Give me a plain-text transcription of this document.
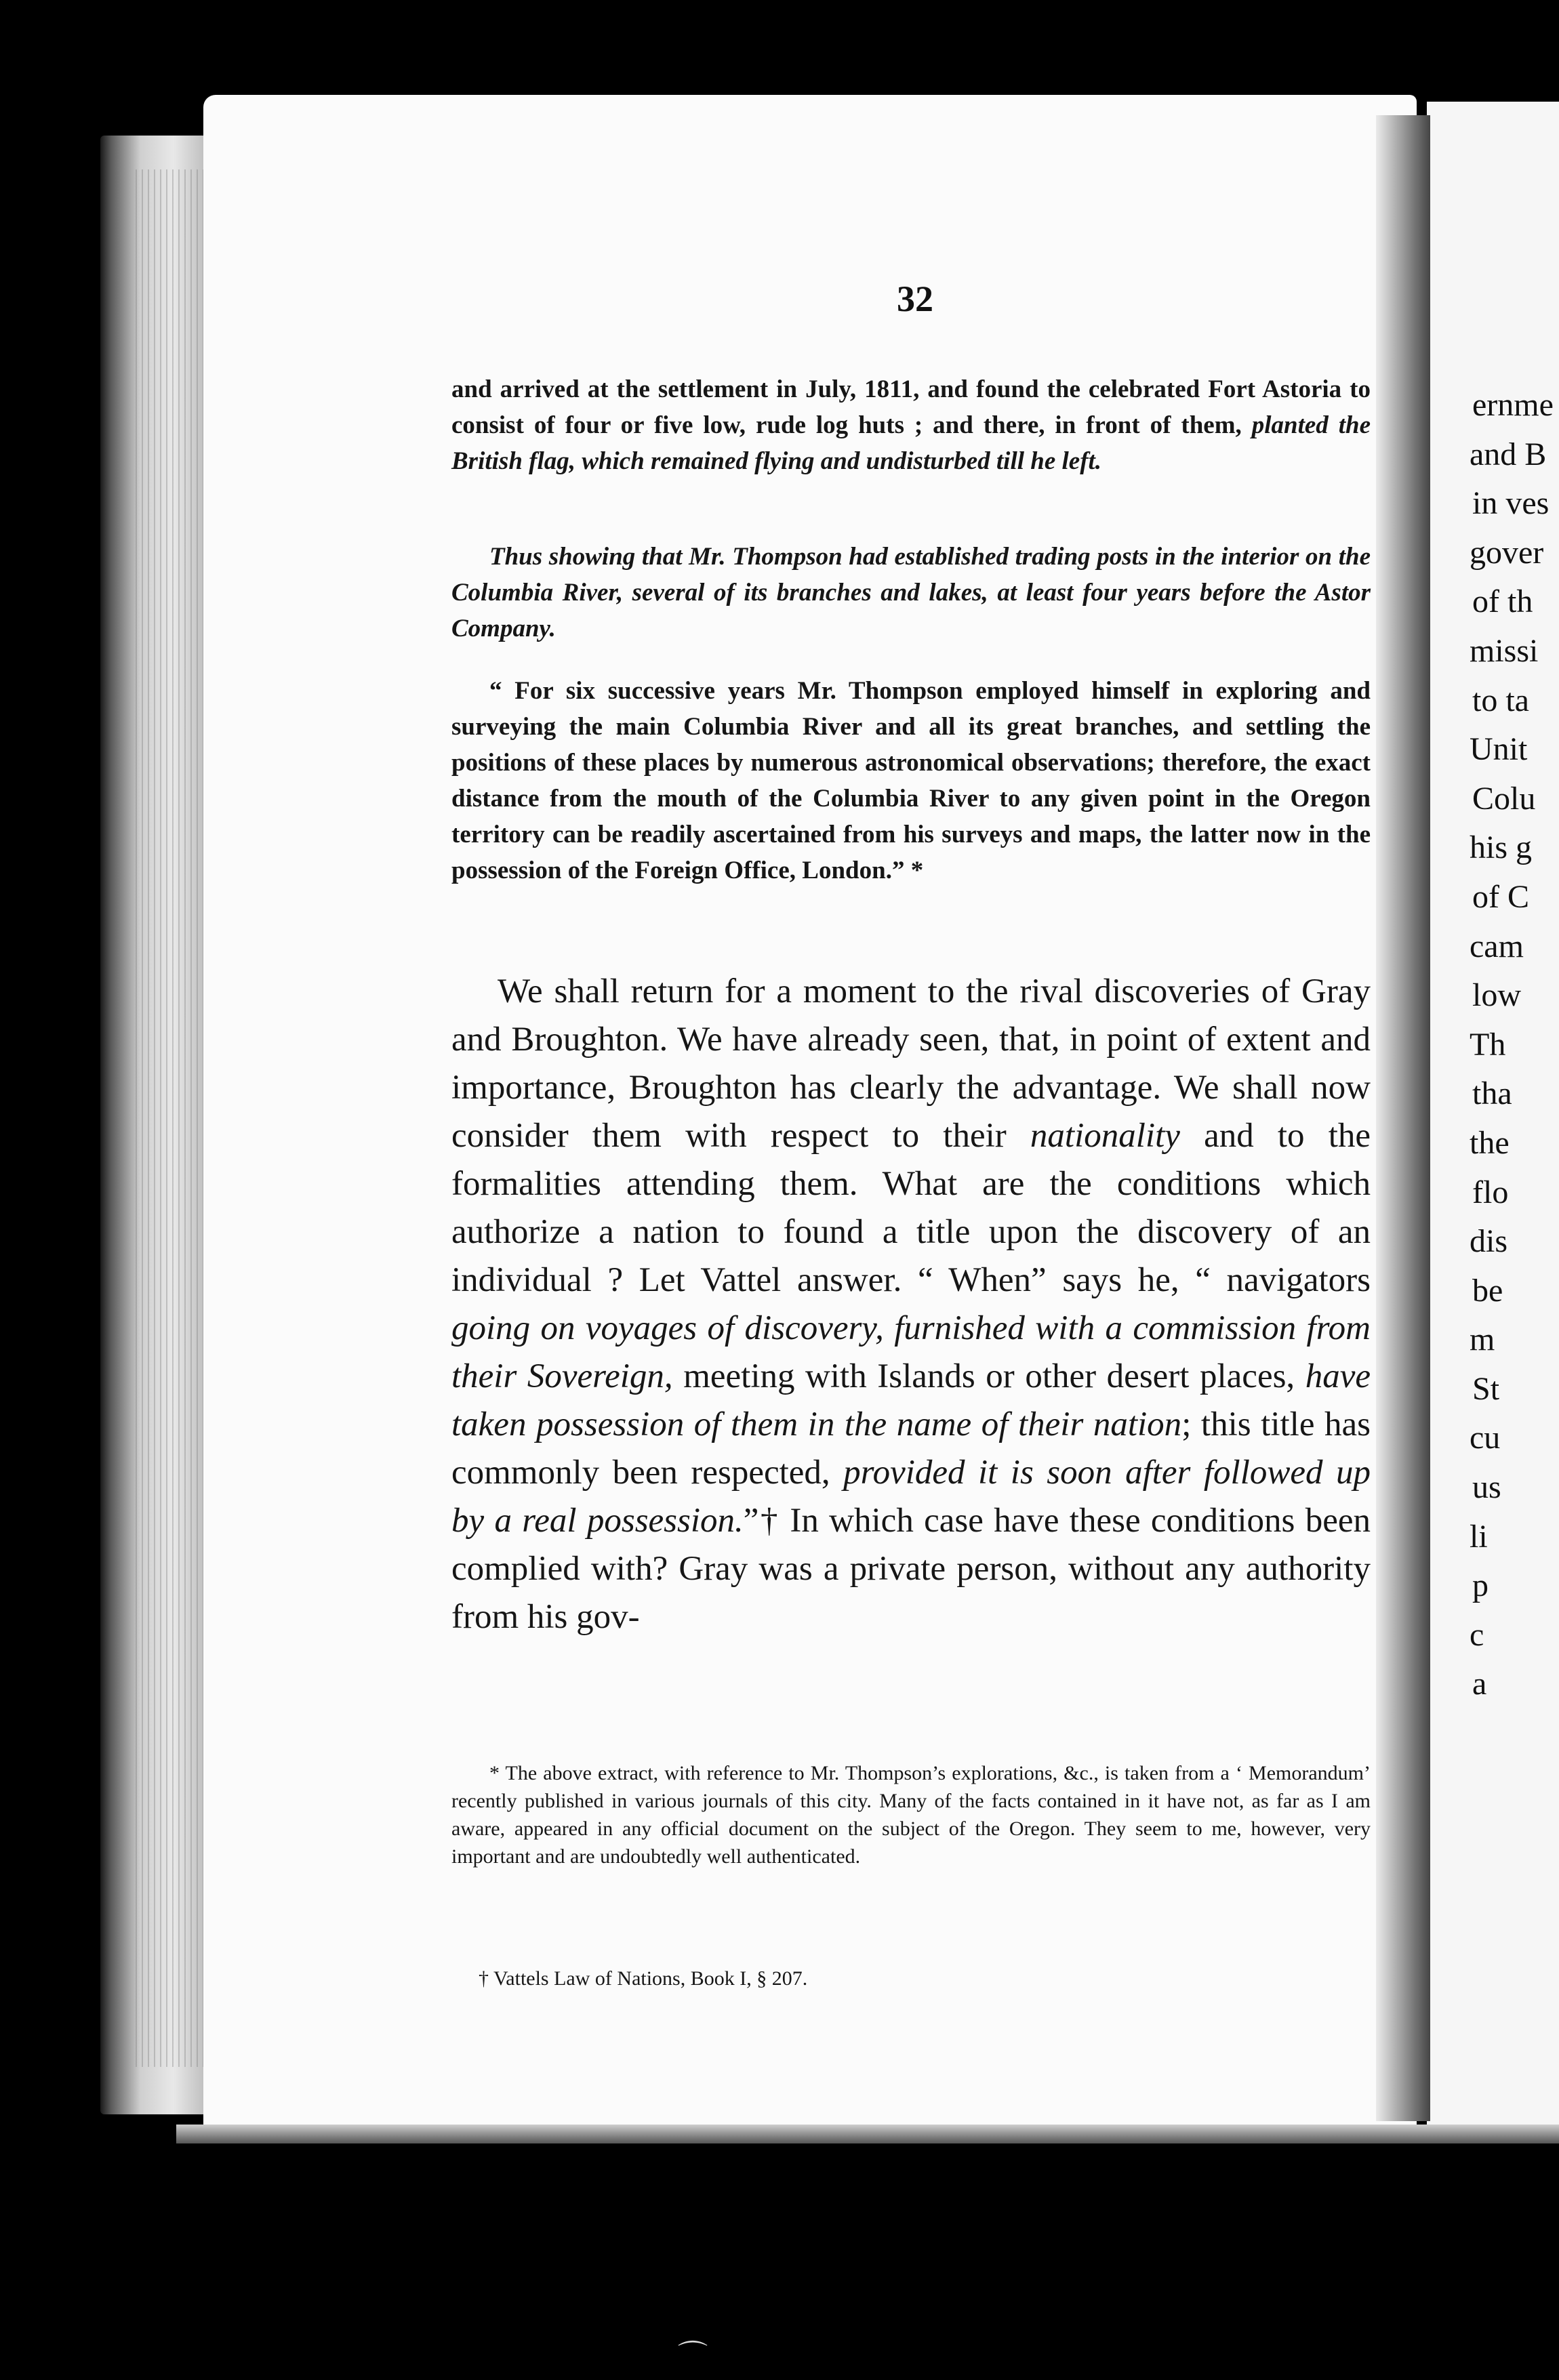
32

and arrived at the settlement in July, 1811, and found the celebrated Fort Astoria to consist of four or five low, rude log huts ; and there, in front of them, planted the British flag, which remained flying and undisturbed till he left.

Thus showing that Mr. Thompson had established trading posts in the interior on the Columbia River, several of its branches and lakes, at least four years before the Astor Company.

“ For six successive years Mr. Thompson employed himself in exploring and surveying the main Columbia River and all its great branches, and settling the positions of these places by numerous astronomical observations; therefore, the exact distance from the mouth of the Columbia River to any given point in the Oregon territory can be readily ascertained from his surveys and maps, the latter now in the possession of the Foreign Office, London.” *

We shall return for a moment to the rival discoveries of Gray and Broughton. We have already seen, that, in point of extent and importance, Broughton has clearly the advantage. We shall now consider them with respect to their nationality and to the formalities attending them. What are the conditions which authorize a nation to found a title upon the discovery of an individual ? Let Vattel answer. “ When” says he, “ navigators going on voyages of discovery, furnished with a commission from their Sovereign, meeting with Islands or other desert places, have taken possession of them in the name of their nation; this title has commonly been respected, provided it is soon after followed up by a real possession.”† In which case have these conditions been complied with? Gray was a private person, without any authority from his gov-

* The above extract, with reference to Mr. Thompson’s explorations, &c., is taken from a ‘ Memorandum’ recently published in various journals of this city. Many of the facts contained in it have not, as far as I am aware, appeared in any official document on the subject of the Oregon. They seem to me, however, very important and are undoubtedly well authenticated.

† Vattels Law of Nations, Book I, § 207.

ernme
and B
in ves
gover
of th
missi
to ta
Unit
Colu
his g
of C
cam
low
Th
tha
the
flo
dis
be
m
St
cu
us
li
p
c
a
⌒
